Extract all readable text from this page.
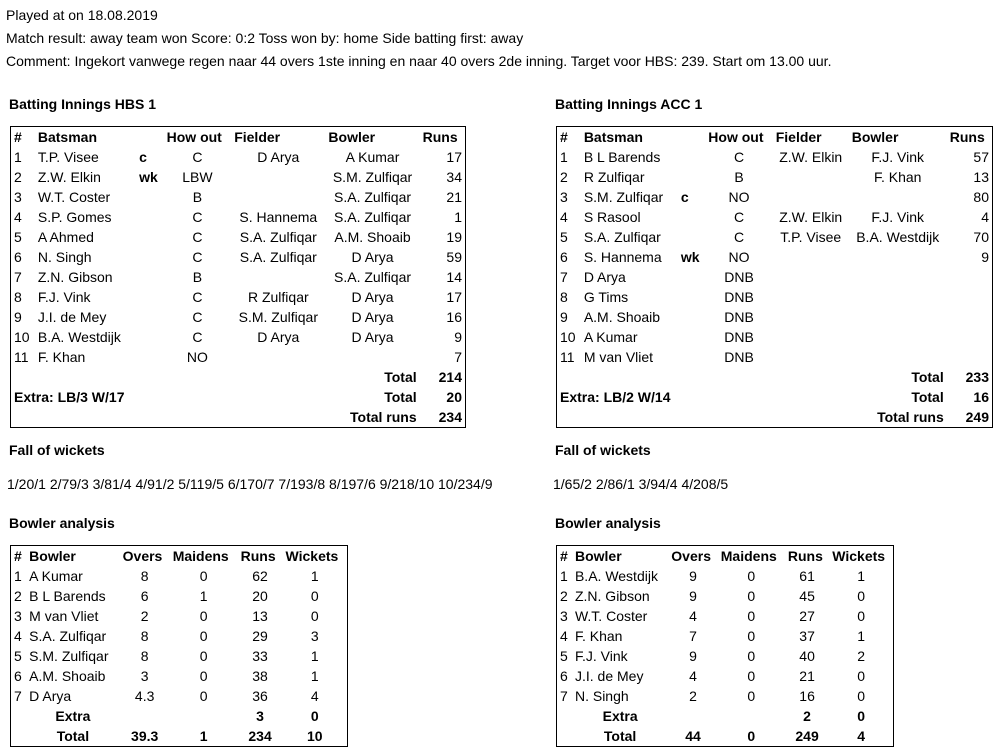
Played at on 18.08.2019
Match result: away team won Score: 0:2 Toss won by: home Side batting first: away
Comment: Ingekort vanwege regen naar 44 overs 1ste inning en naar 40 overs 2de inning. Target voor HBS: 239. Start om 13.00 uur.
Batting Innings HBS 1
#	Batsman		How out	Fielder	Bowler	Runs
1	T.P. Visee	c	C	D Arya	A Kumar	17
2	Z.W. Elkin	wk	LBW		S.M. Zulfiqar	34
3	W.T. Coster		B		S.A. Zulfiqar	21
4	S.P. Gomes		C	S. Hannema	S.A. Zulfiqar	1
5	A Ahmed		C	S.A. Zulfiqar	A.M. Shoaib	19
6	N. Singh		C	S.A. Zulfiqar	D Arya	59
7	Z.N. Gibson		B		S.A. Zulfiqar	14
8	F.J. Vink		C	R Zulfiqar	D Arya	17
9	J.I. de Mey		C	S.M. Zulfiqar	D Arya	16
10	B.A. Westdijk		C	D Arya	D Arya	9
11	F. Khan		NO			7
					Total	214
Extra: LB/3 W/17					Total	20
					Total runs	234
Fall of wickets
1/20/1 2/79/3 3/81/4 4/91/2 5/119/5 6/170/7 7/193/8 8/197/6 9/218/10 10/234/9
Bowler analysis
#	Bowler	Overs	Maidens	Runs	Wickets
1	A Kumar	8	0	62	1
2	B L Barends	6	1	20	0
3	M van Vliet	2	0	13	0
4	S.A. Zulfiqar	8	0	29	3
5	S.M. Zulfiqar	8	0	33	1
6	A.M. Shoaib	3	0	38	1
7	D Arya	4.3	0	36	4
	Extra			3	0
	Total	39.3	1	234	10
Batting Innings ACC 1
#	Batsman		How out	Fielder	Bowler	Runs
1	B L Barends		C	Z.W. Elkin	F.J. Vink	57
2	R Zulfiqar		B		F. Khan	13
3	S.M. Zulfiqar	c	NO			80
4	S Rasool		C	Z.W. Elkin	F.J. Vink	4
5	S.A. Zulfiqar		C	T.P. Visee	B.A. Westdijk	70
6	S. Hannema	wk	NO			9
7	D Arya		DNB			
8	G Tims		DNB			
9	A.M. Shoaib		DNB			
10	A Kumar		DNB			
11	M van Vliet		DNB			
					Total	233
Extra: LB/2 W/14					Total	16
					Total runs	249
Fall of wickets
1/65/2 2/86/1 3/94/4 4/208/5
Bowler analysis
#	Bowler	Overs	Maidens	Runs	Wickets
1	B.A. Westdijk	9	0	61	1
2	Z.N. Gibson	9	0	45	0
3	W.T. Coster	4	0	27	0
4	F. Khan	7	0	37	1
5	F.J. Vink	9	0	40	2
6	J.I. de Mey	4	0	21	0
7	N. Singh	2	0	16	0
	Extra			2	0
	Total	44	0	249	4
